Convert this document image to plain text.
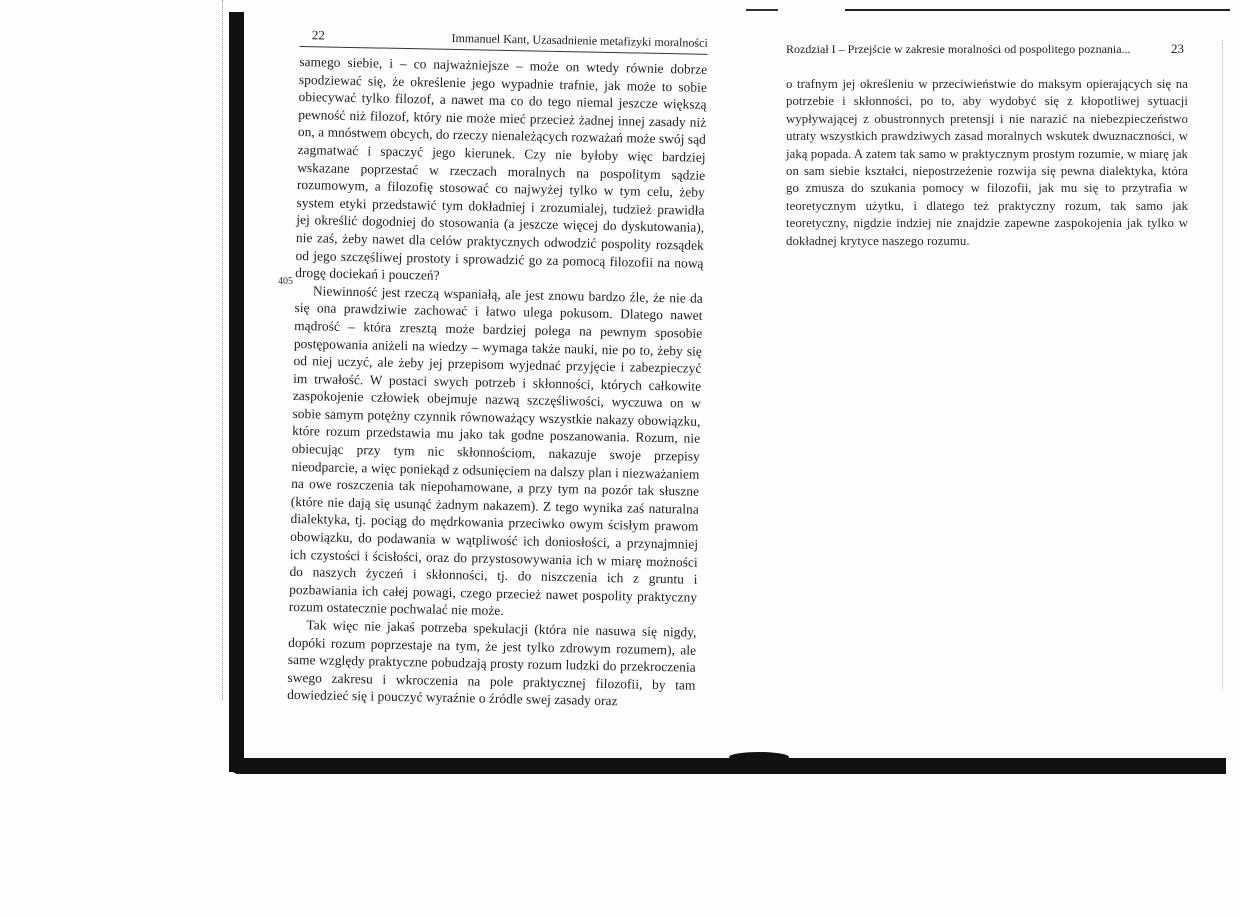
405
22	Immanuel Kant, Uzasadnienie metafizyki moralności

samego siebie, i – co najważniejsze – może on wtedy równie dobrze spodziewać się, że określenie jego wypadnie trafnie, jak może to sobie obiecywać tylko filozof, a nawet ma co do tego niemal jeszcze większą pewność niż filozof, który nie może mieć przecież żadnej innej zasady niż on, a mnóstwem obcych, do rzeczy nienależących rozważań może swój sąd zagmatwać i spaczyć jego kierunek. Czy nie byłoby więc bardziej wskazane poprzestać w rzeczach moralnych na pospolitym sądzie rozumowym, a filozofię stosować co najwyżej tylko w tym celu, żeby system etyki przedstawić tym dokładniej i zrozumialej, tudzież prawidła jej określić dogodniej do stosowania (a jeszcze więcej do dyskutowania), nie zaś, żeby nawet dla celów praktycznych odwodzić pospolity rozsądek od jego szczęśliwej prostoty i sprowadzić go za pomocą filozofii na nową drogę dociekań i pouczeń?

Niewinność jest rzeczą wspaniałą, ale jest znowu bardzo źle, że nie da się ona prawdziwie zachować i łatwo ulega pokusom. Dlatego nawet mądrość – która zresztą może bardziej polega na pewnym sposobie postępowania aniżeli na wiedzy – wymaga także nauki, nie po to, żeby się od niej uczyć, ale żeby jej przepisom wyjednać przyjęcie i zabezpieczyć im trwałość. W postaci swych potrzeb i skłonności, których całkowite zaspokojenie człowiek obejmuje nazwą szczęśliwości, wyczuwa on w sobie samym potężny czynnik równoważący wszystkie nakazy obowiązku, które rozum przedstawia mu jako tak godne poszanowania. Rozum, nie obiecując przy tym nic skłonnościom, nakazuje swoje przepisy nieodparcie, a więc poniekąd z odsunięciem na dalszy plan i niezważaniem na owe roszczenia tak niepohamowane, a przy tym na pozór tak słuszne (które nie dają się usunąć żadnym nakazem). Z tego wynika zaś naturalna dialektyka, tj. pociąg do mędrkowania przeciwko owym ścisłym prawom obowiązku, do podawania w wątpliwość ich doniosłości, a przynajmniej ich czystości i ścisłości, oraz do przystosowywania ich w miarę możności do naszych życzeń i skłonności, tj. do niszczenia ich z gruntu i pozbawiania ich całej powagi, czego przecież nawet pospolity praktyczny rozum ostatecznie pochwalać nie może.

Tak więc nie jakaś potrzeba spekulacji (która nie nasuwa się nigdy, dopóki rozum poprzestaje na tym, że jest tylko zdrowym rozumem), ale same względy praktyczne pobudzają prosty rozum ludzki do przekroczenia swego zakresu i wkroczenia na pole praktycznej filozofii, by tam dowiedzieć się i pouczyć wyraźnie o źródle swej zasady oraz

Rozdział I – Przejście w zakresie moralności od pospolitego poznania...	23

o trafnym jej określeniu w przeciwieństwie do maksym opierających się na potrzebie i skłonności, po to, aby wydobyć się z kłopotliwej sytuacji wypływającej z obustronnych pretensji i nie narazić na niebezpieczeństwo utraty wszystkich prawdziwych zasad moralnych wskutek dwuznaczności, w jaką popada. A zatem tak samo w praktycznym prostym rozumie, w miarę jak on sam siebie kształci, niepostrzeżenie rozwija się pewna dialektyka, która go zmusza do szukania pomocy w filozofii, jak mu się to przytrafia w teoretycznym użytku, i dlatego też praktyczny rozum, tak samo jak teoretyczny, nigdzie indziej nie znajdzie zapewne zaspokojenia jak tylko w dokładnej krytyce naszego rozumu.
